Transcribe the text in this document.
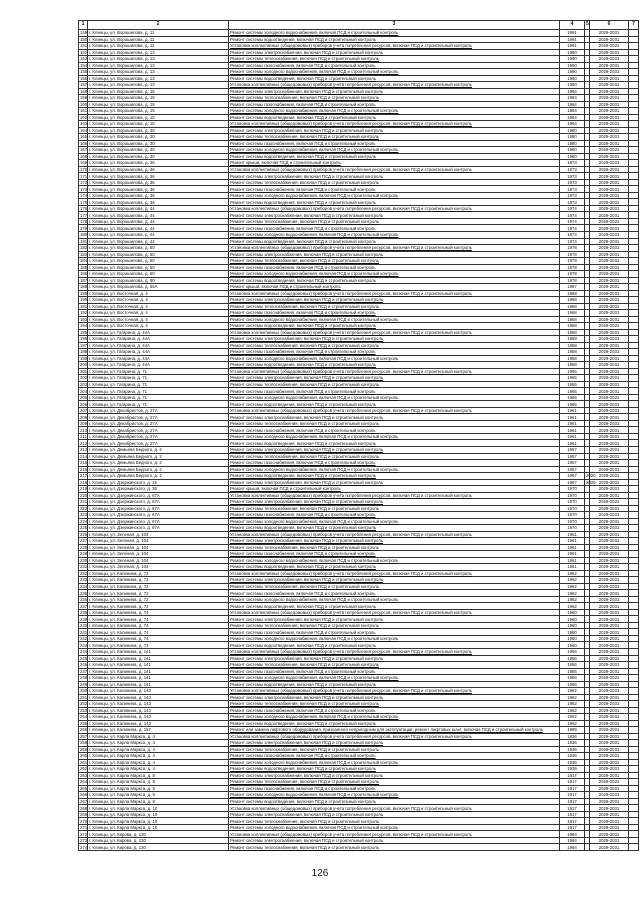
1	2	3	4	5	6	7
149	г. Клинцы, ул. Ворошилова, д. 11	Ремонт системы холодного водоснабжения, включая ПСД и строительный контроль	1991		2029-2031	
150	г. Клинцы, ул. Ворошилова, д. 11	Ремонт системы водоотведения, включая ПСД и строительный контроль	1991		2029-2031	
151	г. Клинцы, ул. Ворошилова, д. 11	Установка коллективных (общедомовых) приборов учета потребления ресурсов, включая ПСД и строительный контроль	1991		2029-2031	
152	г. Клинцы, ул. Ворошилова, д. 13	Ремонт системы электроснабжения, включая ПСД и строительный контроль	1990		2029-2031	
153	г. Клинцы, ул. Ворошилова, д. 13	Ремонт системы теплоснабжения, включая ПСД и строительный контроль	1990		2029-2031	
154	г. Клинцы, ул. Ворошилова, д. 13	Ремонт системы газоснабжения, включая ПСД и строительный контроль	1990		2029-2031	
155	г. Клинцы, ул. Ворошилова, д. 13	Ремонт системы холодного водоснабжения, включая ПСД и строительный контроль	1990		2029-2031	
156	г. Клинцы, ул. Ворошилова, д. 13	Ремонт системы водоотведения, включая ПСД и строительный контроль	1990		2029-2031	
157	г. Клинцы, ул. Ворошилова, д. 13	Установка коллективных (общедомовых) приборов учета потребления ресурсов, включая ПСД и строительный контроль	1990		2029-2031	
158	г. Клинцы, ул. Ворошилова, д. 15	Ремонт системы электроснабжения, включая ПСД и строительный контроль	1984		2029-2031	
159	г. Клинцы, ул. Ворошилова, д. 15	Ремонт системы теплоснабжения, включая ПСД и строительный контроль	1984		2029-2031	
160	г. Клинцы, ул. Ворошилова, д. 15	Ремонт системы газоснабжения, включая ПСД и строительный контроль	1984		2029-2031	
161	г. Клинцы, ул. Ворошилова, д. 15	Ремонт системы холодного водоснабжения, включая ПСД и строительный контроль	1984		2029-2031	
162	г. Клинцы, ул. Ворошилова, д. 15	Ремонт системы водоотведения, включая ПСД и строительный контроль	1984		2029-2031	
163	г. Клинцы, ул. Ворошилова, д. 15	Установка коллективных (общедомовых) приборов учета потребления ресурсов, включая ПСД и строительный контроль	1984		2029-2031	
164	г. Клинцы, ул. Ворошилова, д. 30	Ремонт системы электроснабжения, включая ПСД и строительный контроль	1980		2029-2031	
165	г. Клинцы, ул. Ворошилова, д. 30	Ремонт системы теплоснабжения, включая ПСД и строительный контроль	1980		2029-2031	
166	г. Клинцы, ул. Ворошилова, д. 30	Ремонт системы газоснабжения, включая ПСД и строительный контроль	1980		2029-2031	
167	г. Клинцы, ул. Ворошилова, д. 30	Ремонт системы холодного водоснабжения, включая ПСД и строительный контроль	1980		2029-2031	
168	г. Клинцы, ул. Ворошилова, д. 30	Ремонт системы водоотведения, включая ПСД и строительный контроль	1980		2029-2031	
169	г. Клинцы, ул. Ворошилова, д. 36	Ремонт крыши, включая ПСД и строительный контроль	1973		2029-2031	
170	г. Клинцы, ул. Ворошилова, д. 36	Установка коллективных (общедомовых) приборов учета потребления ресурсов, включая ПСД и строительный контроль	1973		2029-2031	
171	г. Клинцы, ул. Ворошилова, д. 36	Ремонт системы электроснабжения, включая ПСД и строительный контроль	1973		2029-2031	
172	г. Клинцы, ул. Ворошилова, д. 36	Ремонт системы теплоснабжения, включая ПСД и строительный контроль	1973		2029-2031	
173	г. Клинцы, ул. Ворошилова, д. 36	Ремонт системы газоснабжения, включая ПСД и строительный контроль	1973		2029-2031	
174	г. Клинцы, ул. Ворошилова, д. 36	Ремонт системы холодного водоснабжения, включая ПСД и строительный контроль	1973		2029-2031	
175	г. Клинцы, ул. Ворошилова, д. 36	Ремонт системы водоотведения, включая ПСД и строительный контроль	1973		2029-2031	
176	г. Клинцы, ул. Ворошилова, д. 44	Установка коллективных (общедомовых) приборов учета потребления ресурсов, включая ПСД и строительный контроль	1974		2029-2031	
177	г. Клинцы, ул. Ворошилова, д. 44	Ремонт системы электроснабжения, включая ПСД и строительный контроль	1974		2029-2031	
178	г. Клинцы, ул. Ворошилова, д. 44	Ремонт системы теплоснабжения, включая ПСД и строительный контроль	1974		2029-2031	
179	г. Клинцы, ул. Ворошилова, д. 44	Ремонт системы газоснабжения, включая ПСД и строительный контроль	1974		2029-2031	
180	г. Клинцы, ул. Ворошилова, д. 44	Ремонт системы холодного водоснабжения, включая ПСД и строительный контроль	1974		2029-2031	
181	г. Клинцы, ул. Ворошилова, д. 44	Ремонт системы водоотведения, включая ПСД и строительный контроль	1974		2029-2031	
182	г. Клинцы, ул. Ворошилова, д. 50	Установка коллективных (общедомовых) приборов учета потребления ресурсов, включая ПСД и строительный контроль	1978		2029-2031	
183	г. Клинцы, ул. Ворошилова, д. 50	Ремонт системы электроснабжения, включая ПСД и строительный контроль	1978		2029-2031	
184	г. Клинцы, ул. Ворошилова, д. 50	Ремонт системы теплоснабжения, включая ПСД и строительный контроль	1978		2029-2031	
185	г. Клинцы, ул. Ворошилова, д. 50	Ремонт системы газоснабжения, включая ПСД и строительный контроль	1978		2029-2031	
186	г. Клинцы, ул. Ворошилова, д. 50	Ремонт системы холодного водоснабжения, включая ПСД и строительный контроль	1978		2029-2031	
187	г. Клинцы, ул. Ворошилова, д. 50	Ремонт системы водоотведения, включая ПСД и строительный контроль	1978		2029-2031	
188	г. Клинцы, ул. Ворошилова, д. 66А	Ремонт крыши, включая ПСД и строительный контроль	1987		2029-2031	
189	г. Клинцы, ул. Восточная, д. 4	Установка коллективных (общедомовых) приборов учета потребления ресурсов, включая ПСД и строительный контроль	1968		2029-2031	
190	г. Клинцы, ул. Восточная, д. 4	Ремонт системы электроснабжения, включая ПСД и строительный контроль	1968		2029-2031	
191	г. Клинцы, ул. Восточная, д. 4	Ремонт системы теплоснабжения, включая ПСД и строительный контроль	1968		2029-2031	
192	г. Клинцы, ул. Восточная, д. 4	Ремонт системы газоснабжения, включая ПСД и строительный контроль	1968		2029-2031	
193	г. Клинцы, ул. Восточная, д. 4	Ремонт системы холодного водоснабжения, включая ПСД и строительный контроль	1968		2029-2031	
194	г. Клинцы, ул. Восточная, д. 4	Ремонт системы водоотведения, включая ПСД и строительный контроль	1968		2029-2031	
195	г. Клинцы, ул. Гагарина, д. 44А	Установка коллективных (общедомовых) приборов учета потребления ресурсов, включая ПСД и строительный контроль	1958		2029-2031	
196	г. Клинцы, ул. Гагарина, д. 44А	Ремонт системы электроснабжения, включая ПСД и строительный контроль	1958		2029-2031	
197	г. Клинцы, ул. Гагарина, д. 44А	Ремонт системы теплоснабжения, включая ПСД и строительный контроль	1958		2029-2031	
198	г. Клинцы, ул. Гагарина, д. 44А	Ремонт системы газоснабжения, включая ПСД и строительный контроль	1958		2029-2031	
199	г. Клинцы, ул. Гагарина, д. 44А	Ремонт системы холодного водоснабжения, включая ПСД и строительный контроль	1958		2029-2031	
200	г. Клинцы, ул. Гагарина, д. 44А	Ремонт системы водоотведения, включая ПСД и строительный контроль	1958		2029-2031	
201	г. Клинцы, ул. Гагарина, д. 71	Установка коллективных (общедомовых) приборов учета потребления ресурсов, включая ПСД и строительный контроль	1965		2029-2031	
202	г. Клинцы, ул. Гагарина, д. 71	Ремонт системы электроснабжения, включая ПСД и строительный контроль	1965		2029-2031	
203	г. Клинцы, ул. Гагарина, д. 71	Ремонт системы теплоснабжения, включая ПСД и строительный контроль	1965		2029-2031	
204	г. Клинцы, ул. Гагарина, д. 71	Ремонт системы газоснабжения, включая ПСД и строительный контроль	1965		2029-2031	
205	г. Клинцы, ул. Гагарина, д. 71	Ремонт системы холодного водоснабжения, включая ПСД и строительный контроль	1965		2029-2031	
206	г. Клинцы, ул. Гагарина, д. 71	Ремонт системы водоотведения, включая ПСД и строительный контроль	1965		2029-2031	
207	г. Клинцы, ул. Декабристов, д. 27А	Установка коллективных (общедомовых) приборов учета потребления ресурсов, включая ПСД и строительный контроль	1961		2029-2031	
208	г. Клинцы, ул. Декабристов, д. 27А	Ремонт системы электроснабжения, включая ПСД и строительный контроль	1961		2029-2031	
209	г. Клинцы, ул. Декабристов, д. 27А	Ремонт системы теплоснабжения, включая ПСД и строительный контроль	1961		2029-2031	
210	г. Клинцы, ул. Декабристов, д. 27А	Ремонт системы газоснабжения, включая ПСД и строительный контроль	1961		2029-2031	
211	г. Клинцы, ул. Декабристов, д. 27А	Ремонт системы холодного водоснабжения, включая ПСД и строительный контроль	1961		2029-2031	
212	г. Клинцы, ул. Декабристов, д. 27А	Ремонт системы водоотведения, включая ПСД и строительный контроль	1961		2029-2031	
213	г. Клинцы, ул. Демьяна Бедного, д. 2	Ремонт системы электроснабжения, включая ПСД и строительный контроль	1957		2029-2031	
214	г. Клинцы, ул. Демьяна Бедного, д. 2	Ремонт системы теплоснабжения, включая ПСД и строительный контроль	1957		2029-2031	
215	г. Клинцы, ул. Демьяна Бедного, д. 2	Ремонт системы газоснабжения, включая ПСД и строительный контроль	1957		2029-2031	
216	г. Клинцы, ул. Демьяна Бедного, д. 2	Ремонт системы холодного водоснабжения, включая ПСД и строительный контроль	1957		2029-2031	
217	г. Клинцы, ул. Демьяна Бедного, д. 2	Ремонт системы водоотведения, включая ПСД и строительный контроль	1957	2020	2029-2031	
218	г. Клинцы, ул. Дзержинского, д. 15	Ремонт системы электроснабжения, включая ПСД и строительный контроль	1957	2029	2029-2031	
219	г. Клинцы, ул. Дзержинского, д. 36	Ремонт крыши, включая ПСД и строительный контроль	1970		2029-2031	
220	г. Клинцы, ул. Дзержинского, д. 67А	Установка коллективных (общедомовых) приборов учета потребления ресурсов, включая ПСД и строительный контроль	1970		2029-2031	
221	г. Клинцы, ул. Дзержинского, д. 67А	Ремонт системы электроснабжения, включая ПСД и строительный контроль	1970		2029-2031	
222	г. Клинцы, ул. Дзержинского, д. 67А	Ремонт системы теплоснабжения, включая ПСД и строительный контроль	1970		2029-2031	
223	г. Клинцы, ул. Дзержинского, д. 67А	Ремонт системы газоснабжения, включая ПСД и строительный контроль	1970		2029-2031	
224	г. Клинцы, ул. Дзержинского, д. 67А	Ремонт системы холодного водоснабжения, включая ПСД и строительный контроль	1970		2029-2031	
225	г. Клинцы, ул. Дзержинского, д. 67А	Ремонт системы водоотведения, включая ПСД и строительный контроль	1970		2029-2031	
226	г. Клинцы, ул. Зеленая, д. 104	Установка коллективных (общедомовых) приборов учета потребления ресурсов, включая ПСД и строительный контроль	1961		2029-2031	
227	г. Клинцы, ул. Зеленая, д. 104	Ремонт системы электроснабжения, включая ПСД и строительный контроль	1961		2029-2031	
228	г. Клинцы, ул. Зеленая, д. 104	Ремонт системы теплоснабжения, включая ПСД и строительный контроль	1961		2029-2031	
229	г. Клинцы, ул. Зеленая, д. 104	Ремонт системы газоснабжения, включая ПСД и строительный контроль	1961		2029-2031	
230	г. Клинцы, ул. Зеленая, д. 104	Ремонт системы холодного водоснабжения, включая ПСД и строительный контроль	1961		2029-2031	
231	г. Клинцы, ул. Зеленая, д. 104	Ремонт системы водоотведения, включая ПСД и строительный контроль	1961		2029-2031	
232	г. Клинцы, ул. Калинина, д. 72	Установка коллективных (общедомовых) приборов учета потребления ресурсов, включая ПСД и строительный контроль	1962		2029-2031	
233	г. Клинцы, ул. Калинина, д. 72	Ремонт системы электроснабжения, включая ПСД и строительный контроль	1962		2029-2031	
234	г. Клинцы, ул. Калинина, д. 72	Ремонт системы теплоснабжения, включая ПСД и строительный контроль	1962		2029-2031	
235	г. Клинцы, ул. Калинина, д. 72	Ремонт системы газоснабжения, включая ПСД и строительный контроль	1962		2029-2031	
236	г. Клинцы, ул. Калинина, д. 72	Ремонт системы холодного водоснабжения, включая ПСД и строительный контроль	1962		2029-2031	
237	г. Клинцы, ул. Калинина, д. 72	Ремонт системы водоотведения, включая ПСД и строительный контроль	1962		2029-2031	
238	г. Клинцы, ул. Калинина, д. 74	Установка коллективных (общедомовых) приборов учета потребления ресурсов, включая ПСД и строительный контроль	1960		2029-2031	
239	г. Клинцы, ул. Калинина, д. 74	Ремонт системы электроснабжения, включая ПСД и строительный контроль	1960		2029-2031	
240	г. Клинцы, ул. Калинина, д. 74	Ремонт системы теплоснабжения, включая ПСД и строительный контроль	1960		2029-2031	
241	г. Клинцы, ул. Калинина, д. 74	Ремонт системы газоснабжения, включая ПСД и строительный контроль	1960		2029-2031	
242	г. Клинцы, ул. Калинина, д. 74	Ремонт системы холодного водоснабжения, включая ПСД и строительный контроль	1960		2029-2031	
243	г. Клинцы, ул. Калинина, д. 74	Ремонт системы водоотведения, включая ПСД и строительный контроль	1960		2029-2031	
244	г. Клинцы, ул. Калинина, д. 141	Установка коллективных (общедомовых) приборов учета потребления ресурсов, включая ПСД и строительный контроль	1956		2029-2031	
245	г. Клинцы, ул. Калинина, д. 141	Ремонт системы электроснабжения, включая ПСД и строительный контроль	1956		2029-2031	
246	г. Клинцы, ул. Калинина, д. 141	Ремонт системы теплоснабжения, включая ПСД и строительный контроль	1956		2029-2031	
247	г. Клинцы, ул. Калинина, д. 141	Ремонт системы газоснабжения, включая ПСД и строительный контроль	1956		2029-2031	
248	г. Клинцы, ул. Калинина, д. 141	Ремонт системы холодного водоснабжения, включая ПСД и строительный контроль	1956		2029-2031	
249	г. Клинцы, ул. Калинина, д. 141	Ремонт системы водоотведения, включая ПСД и строительный контроль	1956		2029-2031	
250	г. Клинцы, ул. Калинина, д. 143	Установка коллективных (общедомовых) приборов учета потребления ресурсов, включая ПСД и строительный контроль	1962		2029-2031	
251	г. Клинцы, ул. Калинина, д. 143	Ремонт системы электроснабжения, включая ПСД и строительный контроль	1962		2029-2031	
252	г. Клинцы, ул. Калинина, д. 143	Ремонт системы теплоснабжения, включая ПСД и строительный контроль	1962		2029-2031	
253	г. Клинцы, ул. Калинина, д. 143	Ремонт системы газоснабжения, включая ПСД и строительный контроль	1962		2029-2031	
254	г. Клинцы, ул. Калинина, д. 143	Ремонт системы холодного водоснабжения, включая ПСД и строительный контроль	1962		2029-2031	
255	г. Клинцы, ул. Калинина, д. 143	Ремонт системы водоотведения, включая ПСД и строительный контроль	1962		2029-2031	
256	г. Клинцы, ул. Калинина, д. 157	Ремонт или замена лифтового оборудования, признанного непригодным для эксплуатации, ремонт лифтовых шахт, включая ПСД и строительный контроль	1989		2029-2031	
257	г. Клинцы, ул. Карла Маркса, д. 4	Установка коллективных (общедомовых) приборов учета потребления ресурсов, включая ПСД и строительный контроль	1936		2029-2031	
258	г. Клинцы, ул. Карла Маркса, д. 4	Ремонт системы электроснабжения, включая ПСД и строительный контроль	1936		2029-2031	
259	г. Клинцы, ул. Карла Маркса, д. 4	Ремонт системы теплоснабжения, включая ПСД и строительный контроль	1936		2029-2031	
260	г. Клинцы, ул. Карла Маркса, д. 4	Ремонт системы газоснабжения, включая ПСД и строительный контроль	1936		2029-2031	
261	г. Клинцы, ул. Карла Маркса, д. 4	Ремонт системы холодного водоснабжения, включая ПСД и строительный контроль	1936		2029-2031	
262	г. Клинцы, ул. Карла Маркса, д. 4	Ремонт системы водоотведения, включая ПСД и строительный контроль	1936		2029-2031	
263	г. Клинцы, ул. Карла Маркса, д. 8	Ремонт системы электроснабжения, включая ПСД и строительный контроль	1917		2029-2031	
264	г. Клинцы, ул. Карла Маркса, д. 8	Ремонт системы теплоснабжения, включая ПСД и строительный контроль	1917		2029-2031	
265	г. Клинцы, ул. Карла Маркса, д. 8	Ремонт системы газоснабжения, включая ПСД и строительный контроль	1917		2029-2031	
266	г. Клинцы, ул. Карла Маркса, д. 8	Ремонт системы холодного водоснабжения, включая ПСД и строительный контроль	1917		2029-2031	
267	г. Клинцы, ул. Карла Маркса, д. 8	Ремонт системы водоотведения, включая ПСД и строительный контроль	1917		2029-2031	
268	г. Клинцы, ул. Карла Маркса, д. 10	Установка коллективных (общедомовых) приборов учета потребления ресурсов, включая ПСД и строительный контроль	1917		2029-2031	
269	г. Клинцы, ул. Карла Маркса, д. 10	Ремонт системы электроснабжения, включая ПСД и строительный контроль	1917		2029-2031	
270	г. Клинцы, ул. Карла Маркса, д. 10	Ремонт системы теплоснабжения, включая ПСД и строительный контроль	1917		2029-2031	
271	г. Клинцы, ул. Карла Маркса, д. 10	Ремонт системы холодного водоснабжения, включая ПСД и строительный контроль	1917		2029-2031	
272	г. Клинцы, ул. Кирова, д. 130	Установка коллективных (общедомовых) приборов учета потребления ресурсов, включая ПСД и строительный контроль	1984		2029-2031	
273	г. Клинцы, ул. Кирова, д. 130	Ремонт системы электроснабжения, включая ПСД и строительный контроль	1984		2029-2031	
274	г. Клинцы, ул. Кирова, д. 130	Ремонт системы теплоснабжения, включая ПСД и строительный контроль	1984		2029-2031	
126
